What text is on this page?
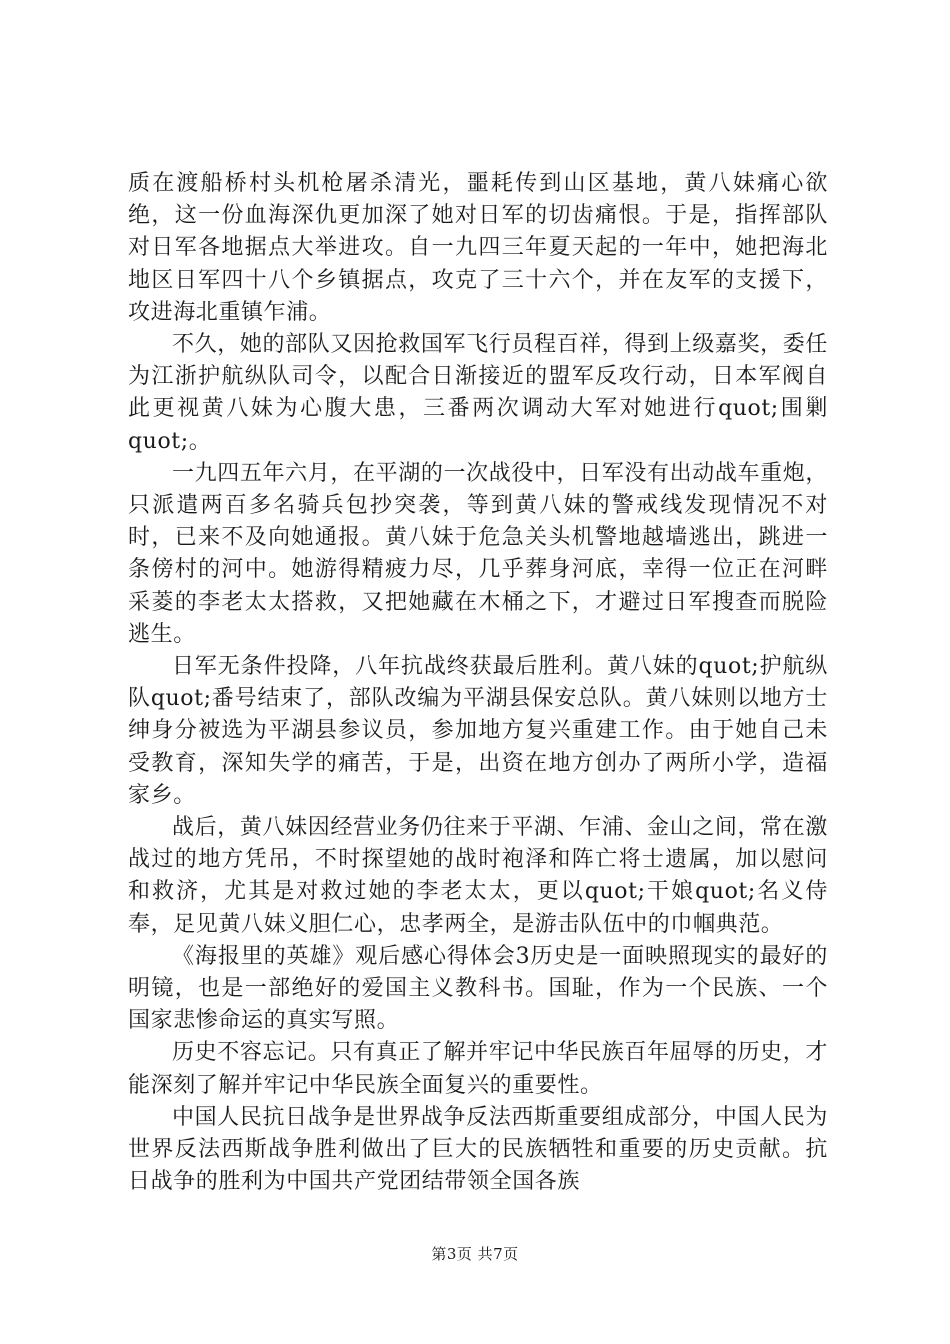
质在渡船桥村头机枪屠杀清光，噩耗传到山区基地，黄八妹痛心欲绝，这一份血海深仇更加深了她对日军的切齿痛恨。于是，指挥部队对日军各地据点大举进攻。自一九四三年夏天起的一年中，她把海北地区日军四十八个乡镇据点，攻克了三十六个，并在友军的支援下，攻进海北重镇乍浦。

不久，她的部队又因抢救国军飞行员程百祥，得到上级嘉奖，委任为江浙护航纵队司令，以配合日渐接近的盟军反攻行动，日本军阀自此更视黄八妹为心腹大患，三番两次调动大军对她进行quot;围剿quot;。

一九四五年六月，在平湖的一次战役中，日军没有出动战车重炮，只派遣两百多名骑兵包抄突袭，等到黄八妹的警戒线发现情况不对时，已来不及向她通报。黄八妹于危急关头机警地越墙逃出，跳进一条傍村的河中。她游得精疲力尽，几乎葬身河底，幸得一位正在河畔采菱的李老太太搭救，又把她藏在木桶之下，才避过日军搜查而脱险逃生。

日军无条件投降，八年抗战终获最后胜利。黄八妹的quot;护航纵队quot;番号结束了，部队改编为平湖县保安总队。黄八妹则以地方士绅身分被选为平湖县参议员，参加地方复兴重建工作。由于她自己未受教育，深知失学的痛苦，于是，出资在地方创办了两所小学，造福家乡。

战后，黄八妹因经营业务仍往来于平湖、乍浦、金山之间，常在激战过的地方凭吊，不时探望她的战时袍泽和阵亡将士遗属，加以慰问和救济，尤其是对救过她的李老太太，更以quot;干娘quot;名义侍奉，足见黄八妹义胆仁心，忠孝两全，是游击队伍中的巾帼典范。

《海报里的英雄》观后感心得体会3历史是一面映照现实的最好的明镜，也是一部绝好的爱国主义教科书。国耻，作为一个民族、一个国家悲惨命运的真实写照。

历史不容忘记。只有真正了解并牢记中华民族百年屈辱的历史，才能深刻了解并牢记中华民族全面复兴的重要性。

中国人民抗日战争是世界战争反法西斯重要组成部分，中国人民为世界反法西斯战争胜利做出了巨大的民族牺牲和重要的历史贡献。抗日战争的胜利为中国共产党团结带领全国各族

第3页 共7页
